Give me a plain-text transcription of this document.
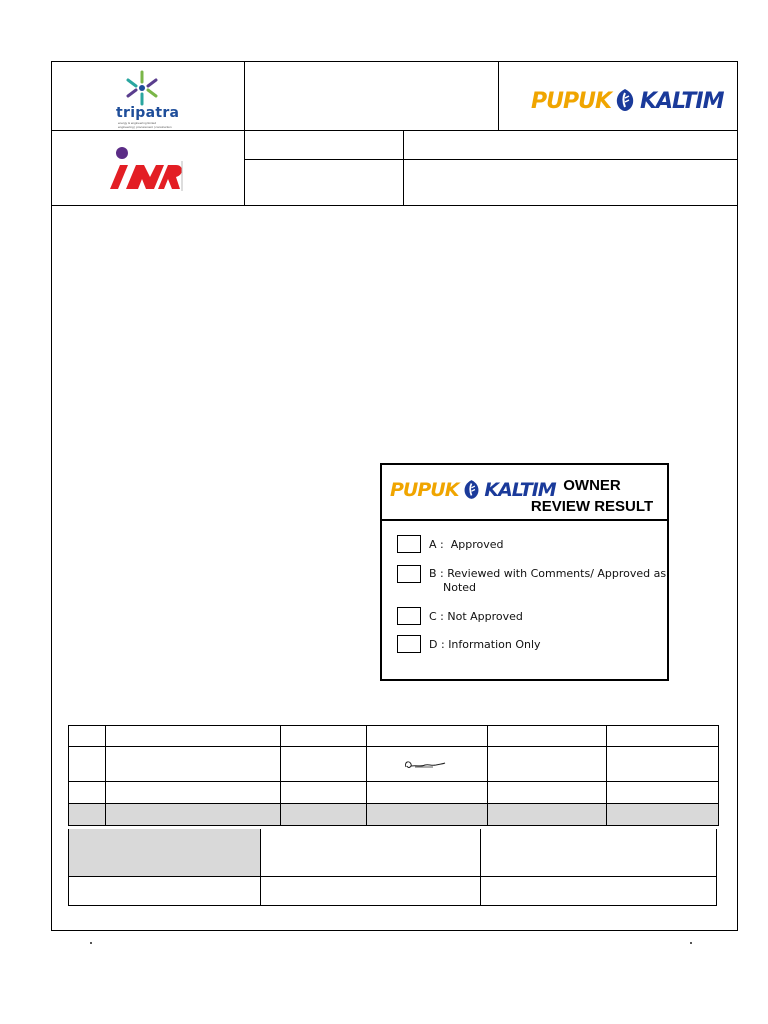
tripatra
energy & engineering limited
engineering | procurement | construction
PUPUK KALTIM
PUPUK KALTIM OWNER
REVIEW RESULT
A : Approved
B : Reviewed with Comments/ Approved as
Noted
C : Not Approved
D : Information Only
